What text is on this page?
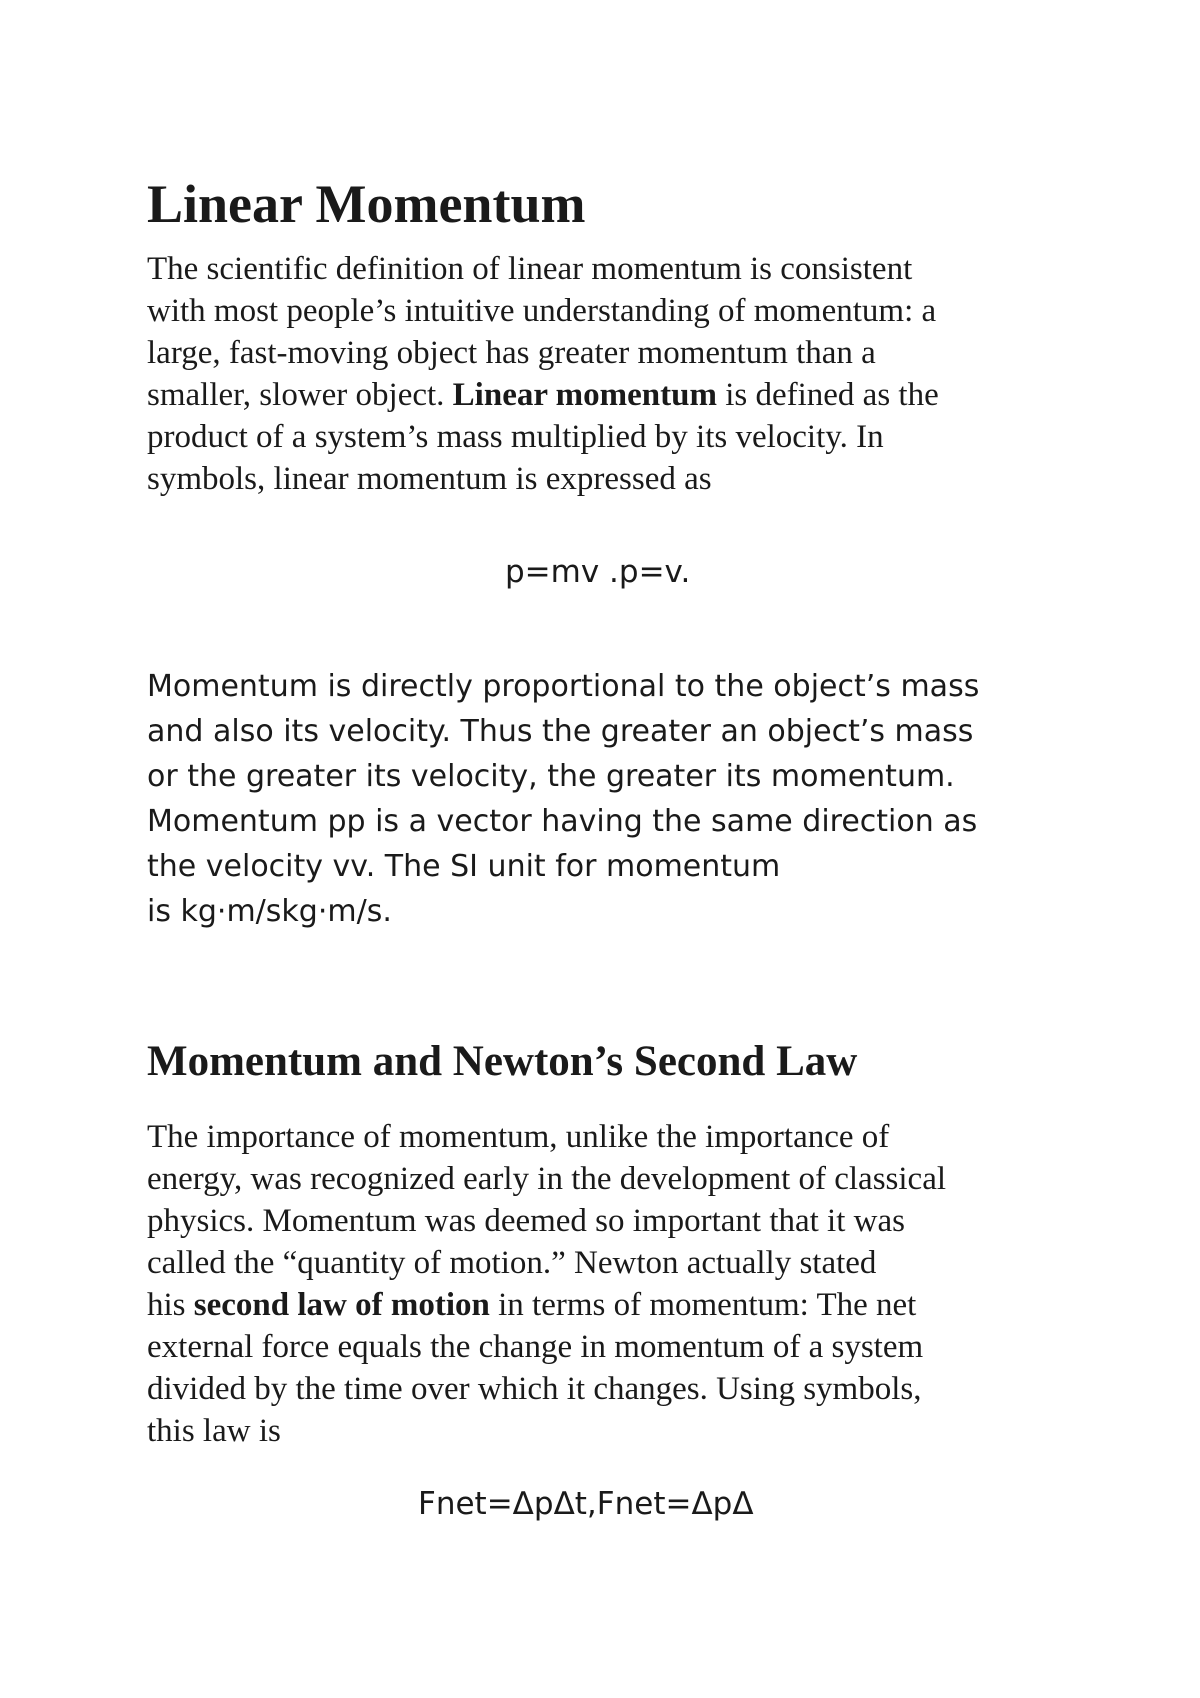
Linear Momentum
The scientific definition of linear momentum is consistent
with most people’s intuitive understanding of momentum: a
large, fast-moving object has greater momentum than a
smaller, slower object. Linear momentum is defined as the
product of a system’s mass multiplied by its velocity. In
symbols, linear momentum is expressed as
p=mv .p=v.
Momentum is directly proportional to the object’s mass
and also its velocity. Thus the greater an object’s mass
or the greater its velocity, the greater its momentum.
Momentum pp is a vector having the same direction as
the velocity vv. The SI unit for momentum
is kg·m/skg·m/s.
Momentum and Newton’s Second Law
The importance of momentum, unlike the importance of
energy, was recognized early in the development of classical
physics. Momentum was deemed so important that it was
called the “quantity of motion.” Newton actually stated
his second law of motion in terms of momentum: The net
external force equals the change in momentum of a system
divided by the time over which it changes. Using symbols,
this law is
Fnet=ΔpΔt,Fnet=ΔpΔ
